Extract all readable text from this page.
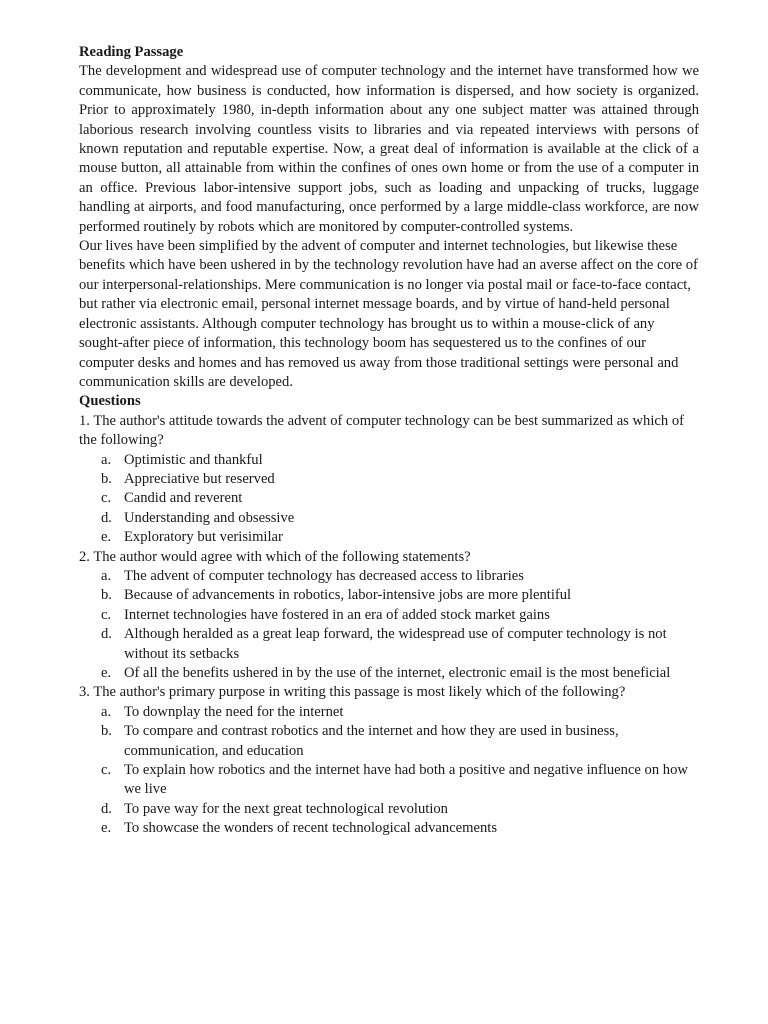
Reading Passage

The development and widespread use of computer technology and the internet have transformed how we communicate, how business is conducted, how information is dispersed, and how society is organized. Prior to approximately 1980, in-depth information about any one subject matter was attained through laborious research involving countless visits to libraries and via repeated interviews with persons of known reputation and reputable expertise. Now, a great deal of information is available at the click of a mouse button, all attainable from within the confines of ones own home or from the use of a computer in an office. Previous labor-intensive support jobs, such as loading and unpacking of trucks, luggage handling at airports, and food manufacturing, once performed by a large middle-class workforce, are now performed routinely by robots which are monitored by computer-controlled systems.

Our lives have been simplified by the advent of computer and internet technologies, but likewise these benefits which have been ushered in by the technology revolution have had an averse affect on the core of our interpersonal-relationships. Mere communication is no longer via postal mail or face-to-face contact, but rather via electronic email, personal internet message boards, and by virtue of hand-held personal electronic assistants. Although computer technology has brought us to within a mouse-click of any sought-after piece of information, this technology boom has sequestered us to the confines of our computer desks and homes and has removed us away from those traditional settings were personal and communication skills are developed.

Questions

1. The author's attitude towards the advent of computer technology can be best summarized as which of the following?

a. Optimistic and thankful
b. Appreciative but reserved
c. Candid and reverent
d. Understanding and obsessive
e. Exploratory but verisimilar

2. The author would agree with which of the following statements?

a. The advent of computer technology has decreased access to libraries
b. Because of advancements in robotics, labor-intensive jobs are more plentiful
c. Internet technologies have fostered in an era of added stock market gains
d. Although heralded as a great leap forward, the widespread use of computer technology is not without its setbacks
e. Of all the benefits ushered in by the use of the internet, electronic email is the most beneficial

3. The author's primary purpose in writing this passage is most likely which of the following?

a. To downplay the need for the internet
b. To compare and contrast robotics and the internet and how they are used in business, communication, and education
c. To explain how robotics and the internet have had both a positive and negative influence on how we live
d. To pave way for the next great technological revolution
e. To showcase the wonders of recent technological advancements
